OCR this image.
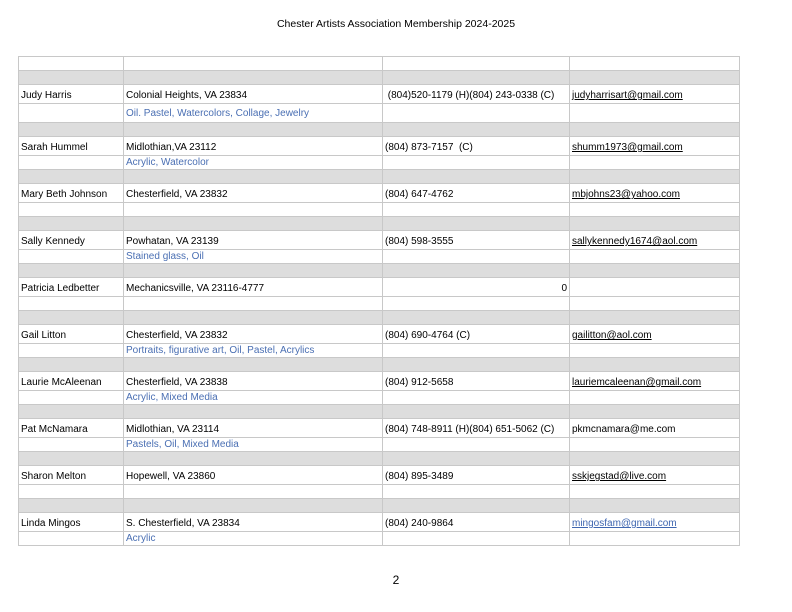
Chester Artists Association Membership 2024-2025
Judy Harris	Colonial Heights, VA 23834	(804)520-1179 (H)(804) 243-0338 (C)	judyharrisart@gmail.com
Oil. Pastel, Watercolors, Collage, Jewelry
Sarah Hummel	Midlothian,VA 23112	(804) 873-7157  (C)	shumm1973@gmail.com
Acrylic, Watercolor
Mary Beth Johnson	Chesterfield, VA 23832	(804) 647-4762	mbjohns23@yahoo.com
Sally Kennedy	Powhatan, VA 23139	(804) 598-3555	sallykennedy1674@aol.com
Stained glass, Oil
Patricia Ledbetter	Mechanicsville, VA 23116-4777	0
Gail Litton	Chesterfield, VA 23832	(804) 690-4764 (C)	gailitton@aol.com
Portraits, figurative art, Oil, Pastel, Acrylics
Laurie McAleenan	Chesterfield, VA 23838	(804) 912-5658	lauriemcaleenan@gmail.com
Acrylic, Mixed Media
Pat McNamara	Midlothian, VA 23114	(804) 748-8911 (H)(804) 651-5062 (C)	pkmcnamara@me.com
Pastels, Oil, Mixed Media
Sharon Melton	Hopewell, VA 23860	(804) 895-3489	sskjegstad@live.com
Linda Mingos	S. Chesterfield, VA 23834	(804) 240-9864	mingosfam@gmail.com
Acrylic
2
